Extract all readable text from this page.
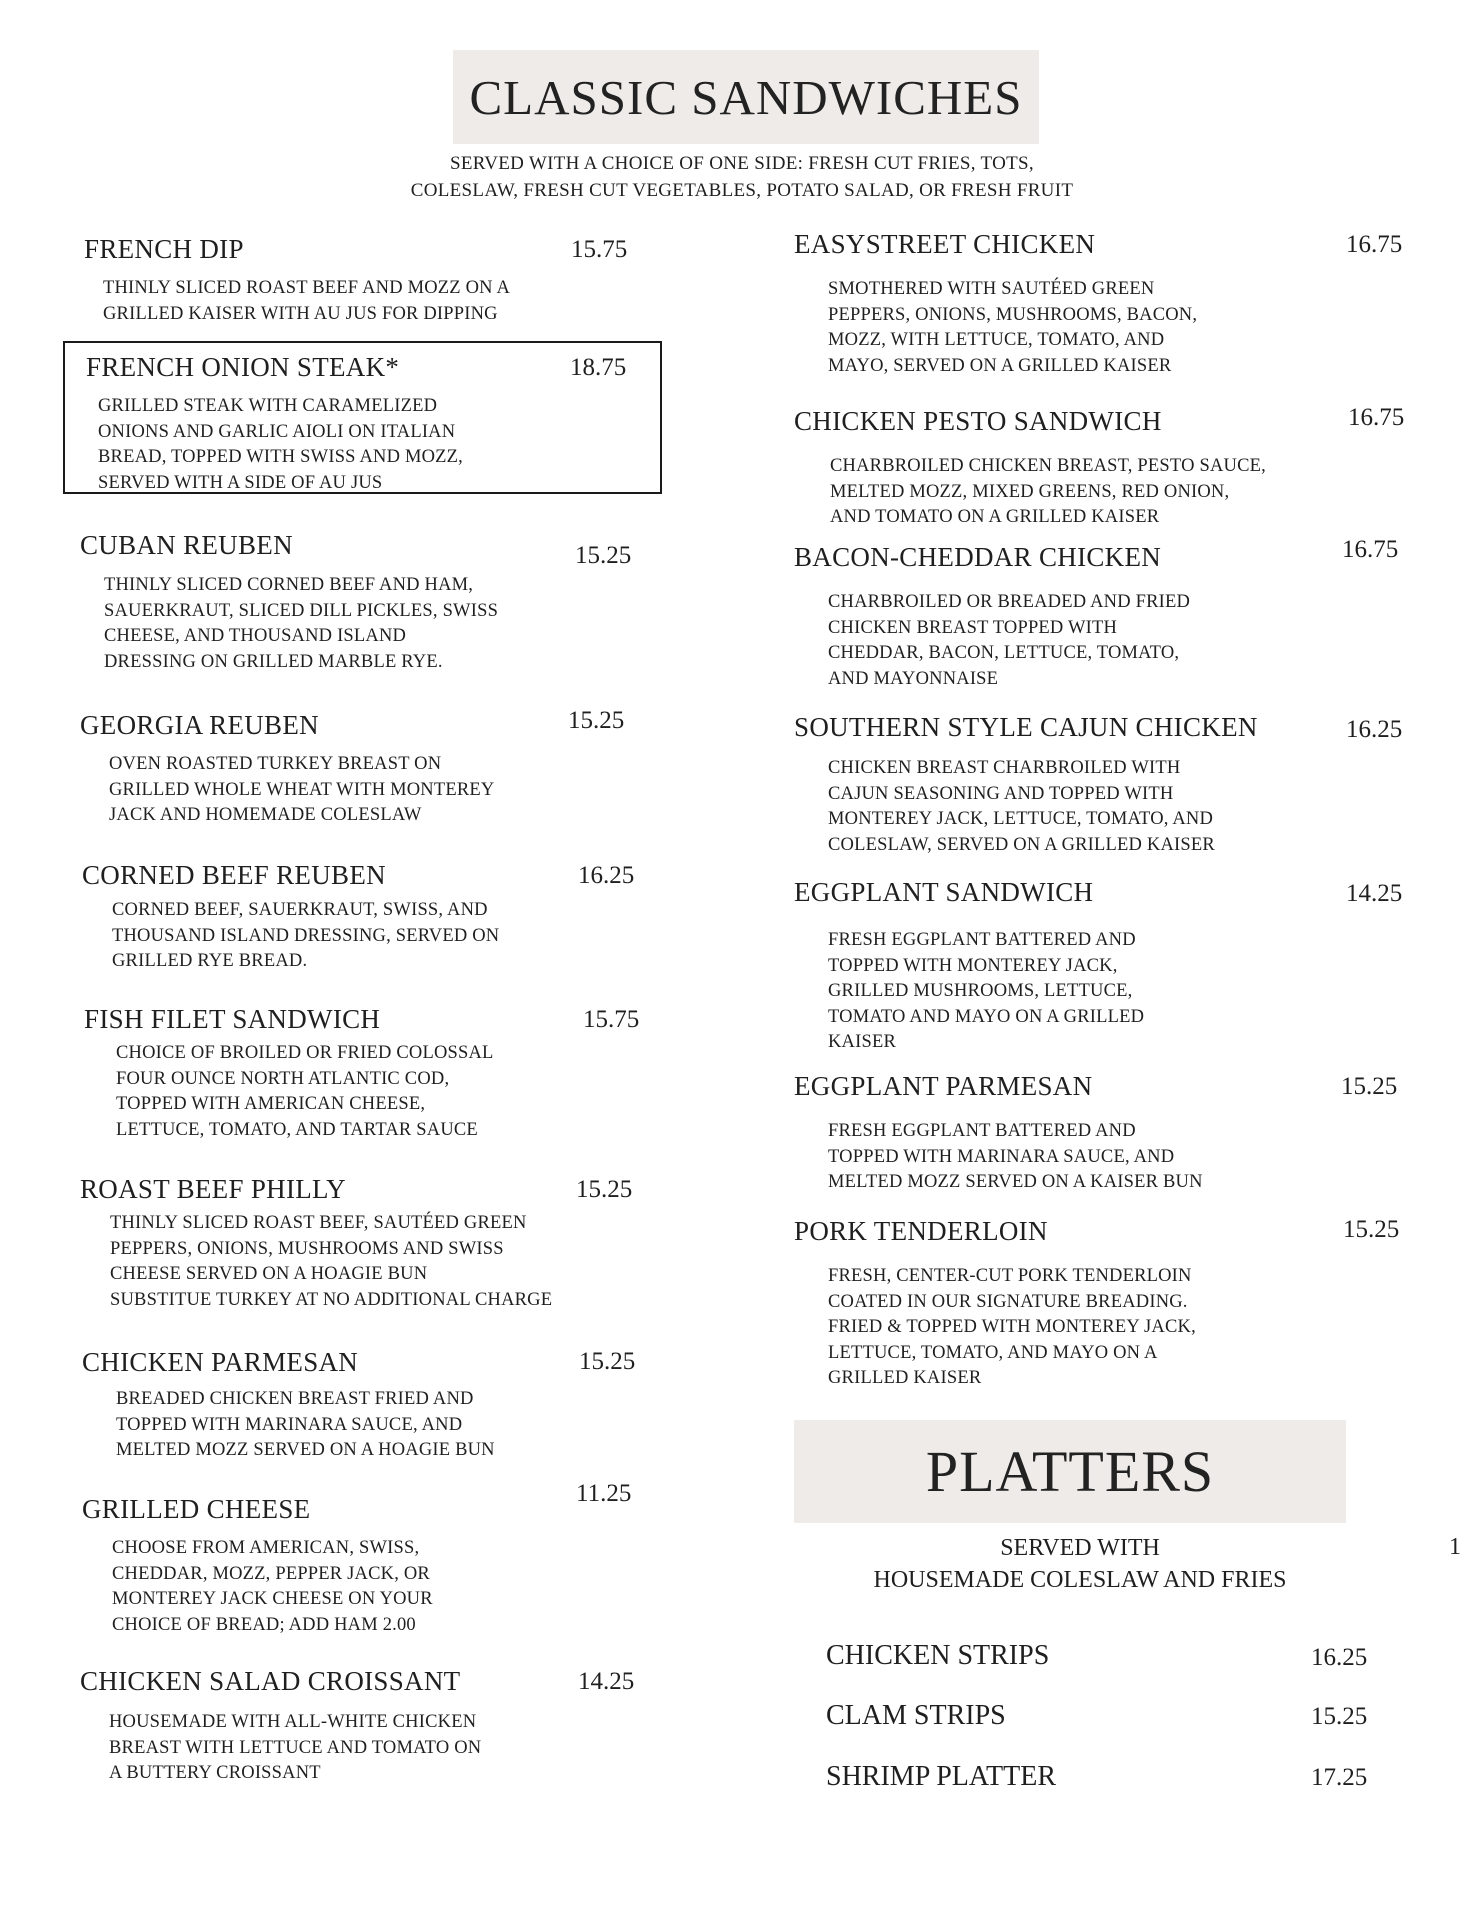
CLASSIC SANDWICHES
SERVED WITH A CHOICE OF ONE SIDE: FRESH CUT FRIES, TOTS,
COLESLAW, FRESH CUT VEGETABLES, POTATO SALAD, OR FRESH FRUIT
FRENCH DIP	15.75
THINLY SLICED ROAST BEEF AND MOZZ ON A
GRILLED KAISER WITH AU JUS FOR DIPPING
FRENCH ONION STEAK*	18.75
GRILLED STEAK WITH CARAMELIZED
ONIONS AND GARLIC AIOLI ON ITALIAN
BREAD, TOPPED WITH SWISS AND MOZZ,
SERVED WITH A SIDE OF AU JUS
CUBAN REUBEN	15.25
THINLY SLICED CORNED BEEF AND HAM,
SAUERKRAUT, SLICED DILL PICKLES, SWISS
CHEESE, AND THOUSAND ISLAND
DRESSING ON GRILLED MARBLE RYE.
GEORGIA REUBEN	15.25
OVEN ROASTED TURKEY BREAST ON
GRILLED WHOLE WHEAT WITH MONTEREY
JACK AND HOMEMADE COLESLAW
CORNED BEEF REUBEN	16.25
CORNED BEEF, SAUERKRAUT, SWISS, AND
THOUSAND ISLAND DRESSING, SERVED ON
GRILLED RYE BREAD.
FISH FILET SANDWICH	15.75
CHOICE OF BROILED OR FRIED COLOSSAL
FOUR OUNCE NORTH ATLANTIC COD,
TOPPED WITH AMERICAN CHEESE,
LETTUCE, TOMATO, AND TARTAR SAUCE
ROAST BEEF PHILLY	15.25
THINLY SLICED ROAST BEEF, SAUTÉED GREEN
PEPPERS, ONIONS, MUSHROOMS AND SWISS
CHEESE SERVED ON A HOAGIE BUN
SUBSTITUE TURKEY AT NO ADDITIONAL CHARGE
CHICKEN PARMESAN	15.25
BREADED CHICKEN BREAST FRIED AND
TOPPED WITH MARINARA SAUCE, AND
MELTED MOZZ SERVED ON A HOAGIE BUN
GRILLED CHEESE
11.25
CHOOSE FROM AMERICAN, SWISS,
CHEDDAR, MOZZ, PEPPER JACK, OR
MONTEREY JACK CHEESE ON YOUR
CHOICE OF BREAD; ADD HAM 2.00
CHICKEN SALAD CROISSANT	14.25
HOUSEMADE WITH ALL-WHITE CHICKEN
BREAST WITH LETTUCE AND TOMATO ON
A BUTTERY CROISSANT
EASYSTREET CHICKEN	16.75
SMOTHERED WITH SAUTÉED GREEN
PEPPERS, ONIONS, MUSHROOMS, BACON,
MOZZ, WITH LETTUCE, TOMATO, AND
MAYO, SERVED ON A GRILLED KAISER
CHICKEN PESTO SANDWICH	16.75
CHARBROILED CHICKEN BREAST, PESTO SAUCE,
MELTED MOZZ, MIXED GREENS, RED ONION,
AND TOMATO ON A GRILLED KAISER
BACON-CHEDDAR CHICKEN	16.75
CHARBROILED OR BREADED AND FRIED
CHICKEN BREAST TOPPED WITH
CHEDDAR, BACON, LETTUCE, TOMATO,
AND MAYONNAISE
SOUTHERN STYLE CAJUN CHICKEN	16.25
CHICKEN BREAST CHARBROILED WITH
CAJUN SEASONING AND TOPPED WITH
MONTEREY JACK, LETTUCE, TOMATO, AND
COLESLAW, SERVED ON A GRILLED KAISER
EGGPLANT SANDWICH	14.25
FRESH EGGPLANT BATTERED AND
TOPPED WITH MONTEREY JACK,
GRILLED MUSHROOMS, LETTUCE,
TOMATO AND MAYO ON A GRILLED
KAISER
EGGPLANT PARMESAN	15.25
FRESH EGGPLANT BATTERED AND
TOPPED WITH MARINARA SAUCE, AND
MELTED MOZZ SERVED ON A KAISER BUN
PORK TENDERLOIN	15.25
FRESH, CENTER-CUT PORK TENDERLOIN
COATED IN OUR SIGNATURE BREADING.
FRIED & TOPPED WITH MONTEREY JACK,
LETTUCE, TOMATO, AND MAYO ON A
GRILLED KAISER
PLATTERS
SERVED WITH
HOUSEMADE COLESLAW AND FRIES
1
CHICKEN STRIPS	16.25
CLAM STRIPS	15.25
SHRIMP PLATTER	17.25
